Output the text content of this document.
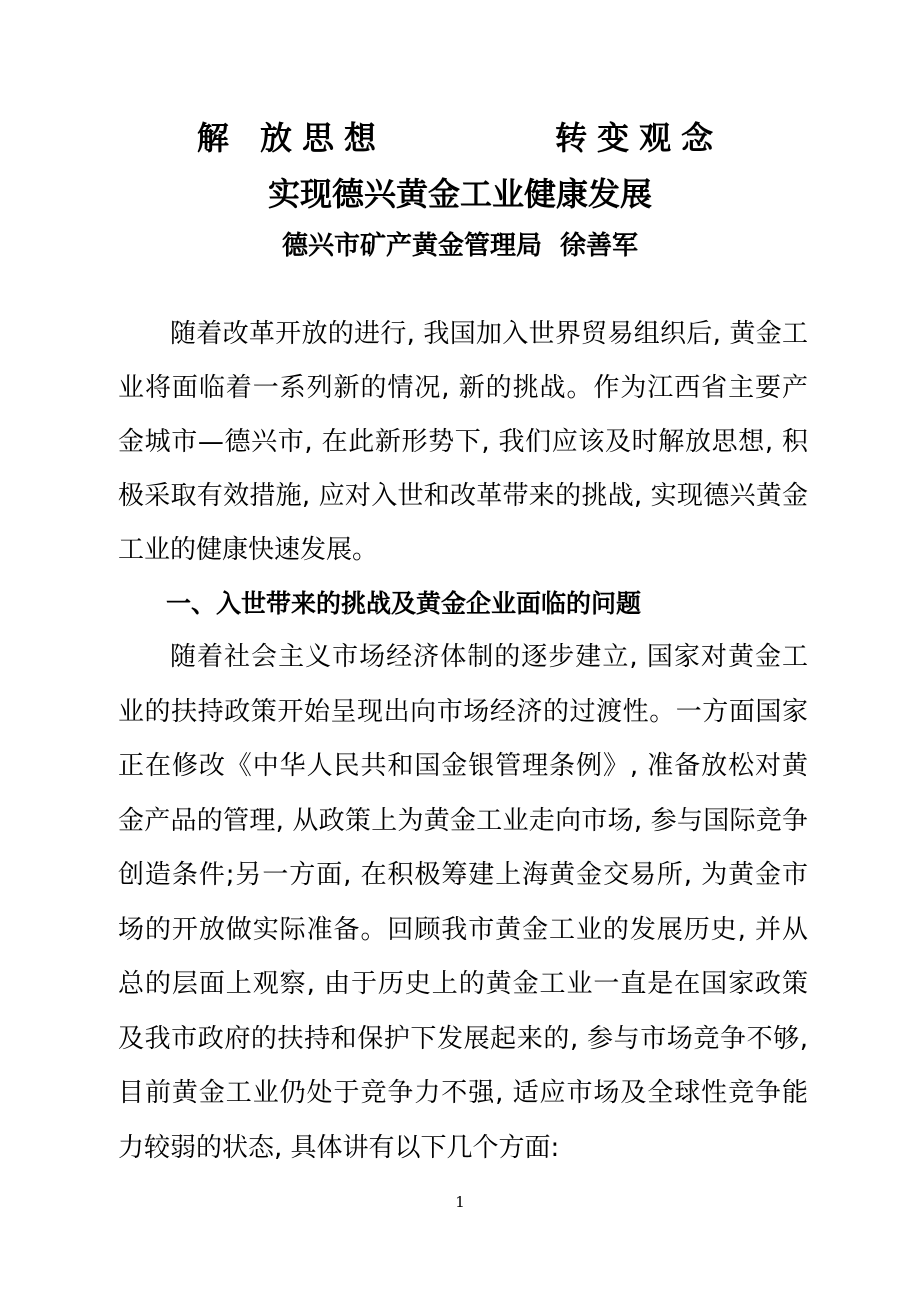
解 放思想        转变观念
实现德兴黄金工业健康发展
德兴市矿产黄金管理局  徐善军

随着改革开放的进行, 我国加入世界贸易组织后, 黄金工业将面临着一系列新的情况, 新的挑战。作为江西省主要产金城市—德兴市, 在此新形势下, 我们应该及时解放思想, 积极采取有效措施, 应对入世和改革带来的挑战, 实现德兴黄金工业的健康快速发展。

一、入世带来的挑战及黄金企业面临的问题

随着社会主义市场经济体制的逐步建立, 国家对黄金工业的扶持政策开始呈现出向市场经济的过渡性。一方面国家正在修改《中华人民共和国金银管理条例》, 准备放松对黄金产品的管理, 从政策上为黄金工业走向市场, 参与国际竞争创造条件;另一方面, 在积极筹建上海黄金交易所, 为黄金市场的开放做实际准备。回顾我市黄金工业的发展历史, 并从总的层面上观察, 由于历史上的黄金工业一直是在国家政策及我市政府的扶持和保护下发展起来的, 参与市场竞争不够, 目前黄金工业仍处于竞争力不强, 适应市场及全球性竞争能力较弱的状态, 具体讲有以下几个方面:

1
